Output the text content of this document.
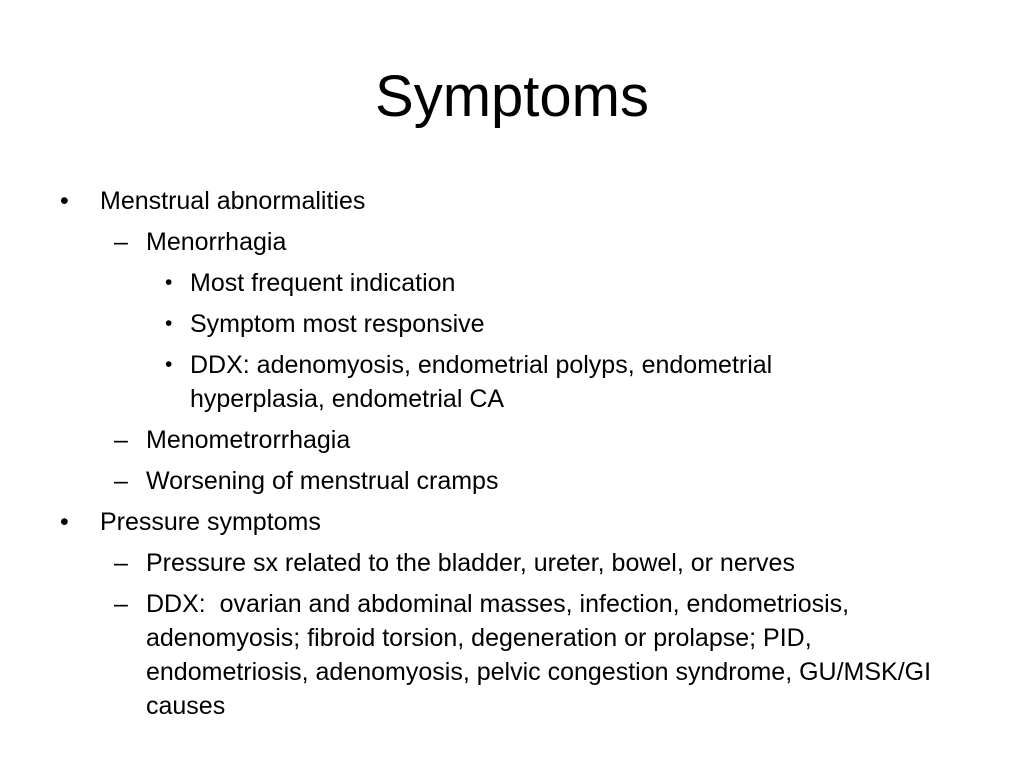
Symptoms
• Menstrual abnormalities
– Menorrhagia
• Most frequent indication
• Symptom most responsive
• DDX: adenomyosis, endometrial polyps, endometrial hyperplasia, endometrial CA
– Menometrorrhagia
– Worsening of menstrual cramps
• Pressure symptoms
– Pressure sx related to the bladder, ureter, bowel, or nerves
– DDX:  ovarian and abdominal masses, infection, endometriosis, adenomyosis; fibroid torsion, degeneration or prolapse; PID, endometriosis, adenomyosis, pelvic congestion syndrome, GU/MSK/GI causes
